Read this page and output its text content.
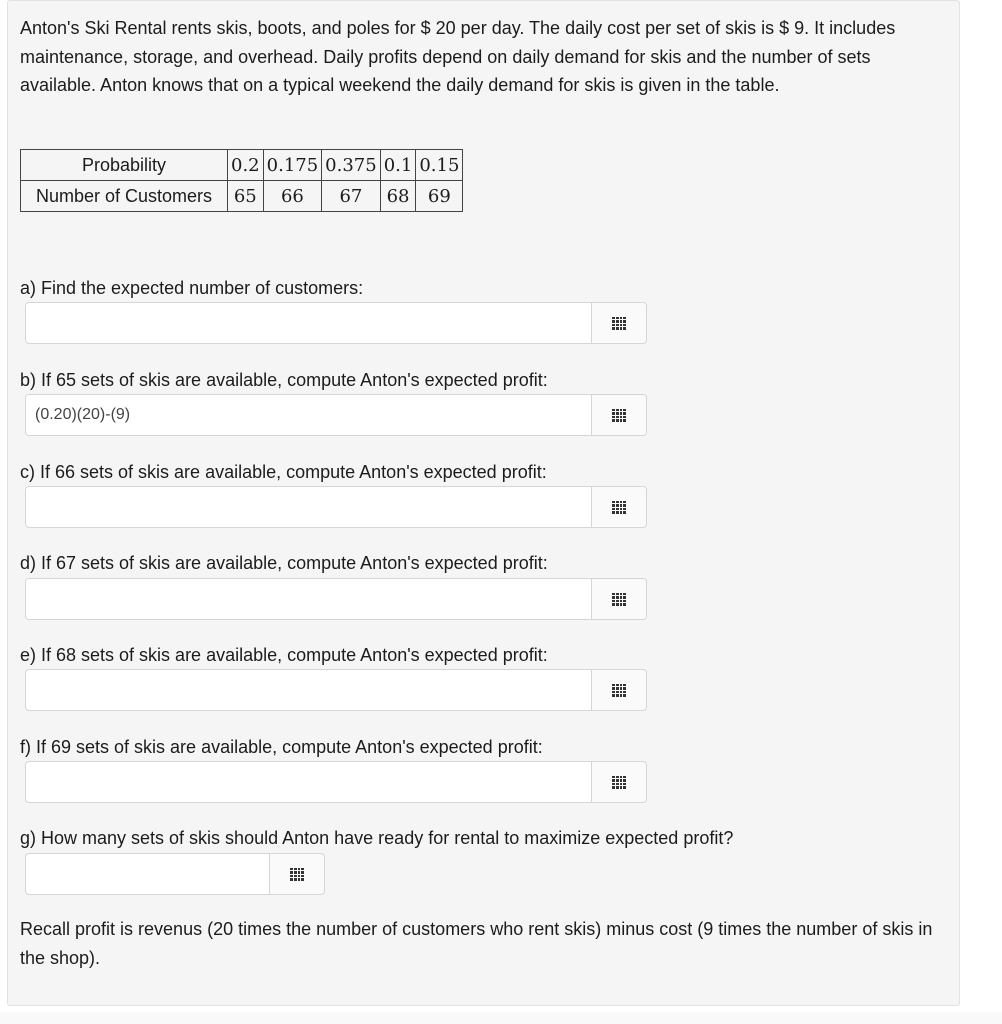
Anton's Ski Rental rents skis, boots, and poles for $ 20 per day. The daily cost per set of skis is $ 9. It includes maintenance, storage, and overhead. Daily profits depend on daily demand for skis and the number of sets available. Anton knows that on a typical weekend the daily demand for skis is given in the table.

Probability	0.2	0.175	0.375	0.1	0.15
Number of Customers	65	66	67	68	69

a) Find the expected number of customers:

b) If 65 sets of skis are available, compute Anton's expected profit:

(0.20)(20)-(9)

c) If 66 sets of skis are available, compute Anton's expected profit:

d) If 67 sets of skis are available, compute Anton's expected profit:

e) If 68 sets of skis are available, compute Anton's expected profit:

f) If 69 sets of skis are available, compute Anton's expected profit:

g) How many sets of skis should Anton have ready for rental to maximize expected profit?

Recall profit is revenus (20 times the number of customers who rent skis) minus cost (9 times the number of skis in the shop).
